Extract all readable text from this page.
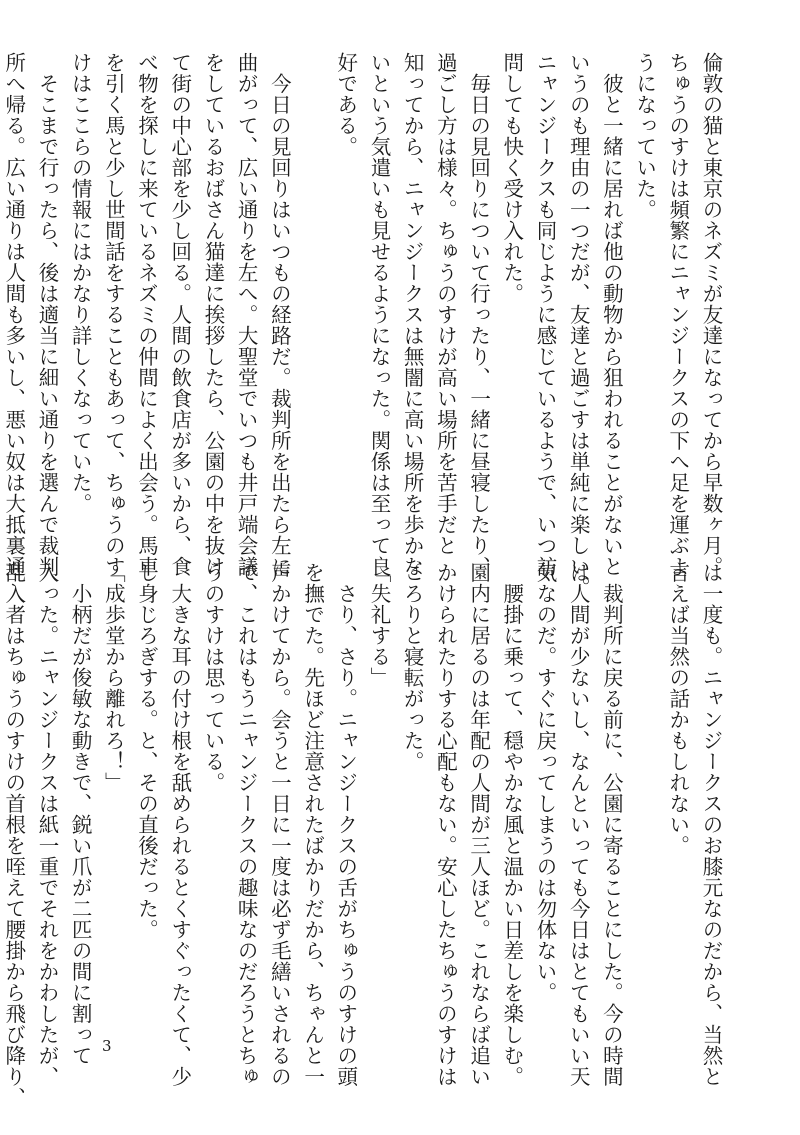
倫敦の猫と東京のネズミが友達になってから早数ヶ月。
ちゅうのすけは頻繁にニャンジークスの下へ足を運ぶよ
うになっていた。
　彼と一緒に居れば他の動物から狙われることがないと
いうのも理由の一つだが、友達と過ごすは単純に楽しい。
ニャンジークスも同じように感じているようで、いつ訪
問しても快く受け入れた。
　毎日の見回りについて行ったり、一緒に昼寝したり、
過ごし方は様々。ちゅうのすけが高い場所を苦手だと
知ってから、ニャンジークスは無闇に高い場所を歩かな
いという気遣いも見せるようになった。関係は至って良
好である。

　今日の見回りはいつもの経路だ。裁判所を出たら左に
曲がって、広い通りを左へ。大聖堂でいつも井戸端会議
をしているおばさん猫達に挨拶したら、公園の中を抜け
て街の中心部を少し回る。人間の飲食店が多いから、食
べ物を探しに来ているネズミの仲間によく出会う。馬車
を引く馬と少し世間話をすることもあって、ちゅうのす
けはここらの情報にはかなり詳しくなっていた。
　そこまで行ったら、後は適当に細い通りを選んで裁判
所へ帰る。広い通りは人間も多いし、悪い奴は大抵裏通
は一度も。ニャンジークスのお膝元なのだから、当然と
言えば当然の話かもしれない。

　裁判所に戻る前に、公園に寄ることにした。今の時間
は人間が少ないし、なんといっても今日はとてもいい天
気なのだ。すぐに戻ってしまうのは勿体ない。
　腰掛に乗って、穏やかな風と温かい日差しを楽しむ。
園内に居るのは年配の人間が三人ほど。これならば追い
かけられたりする心配もない。安心したちゅうのすけは
ころりと寝転がった。
「失礼する」
　さり、さり。ニャンジークスの舌がちゅうのすけの頭
を撫でた。先ほど注意されたばかりだから、ちゃんと一
声かけてから。会うと一日に一度は必ず毛繕いされるの
で、これはもうニャンジークスの趣味なのだろうとちゅ
うのすけは思っている。
　大きな耳の付け根を舐められるとくすぐったくて、少
し身じろぎする。と、その直後だった。
「成歩堂から離れろ！」
　小柄だが俊敏な動きで、鋭い爪が二匹の間に割って
入った。ニャンジークスは紙一重でそれをかわしたが、
乱入者はちゅうのすけの首根を咥えて腰掛から飛び降り、	3
